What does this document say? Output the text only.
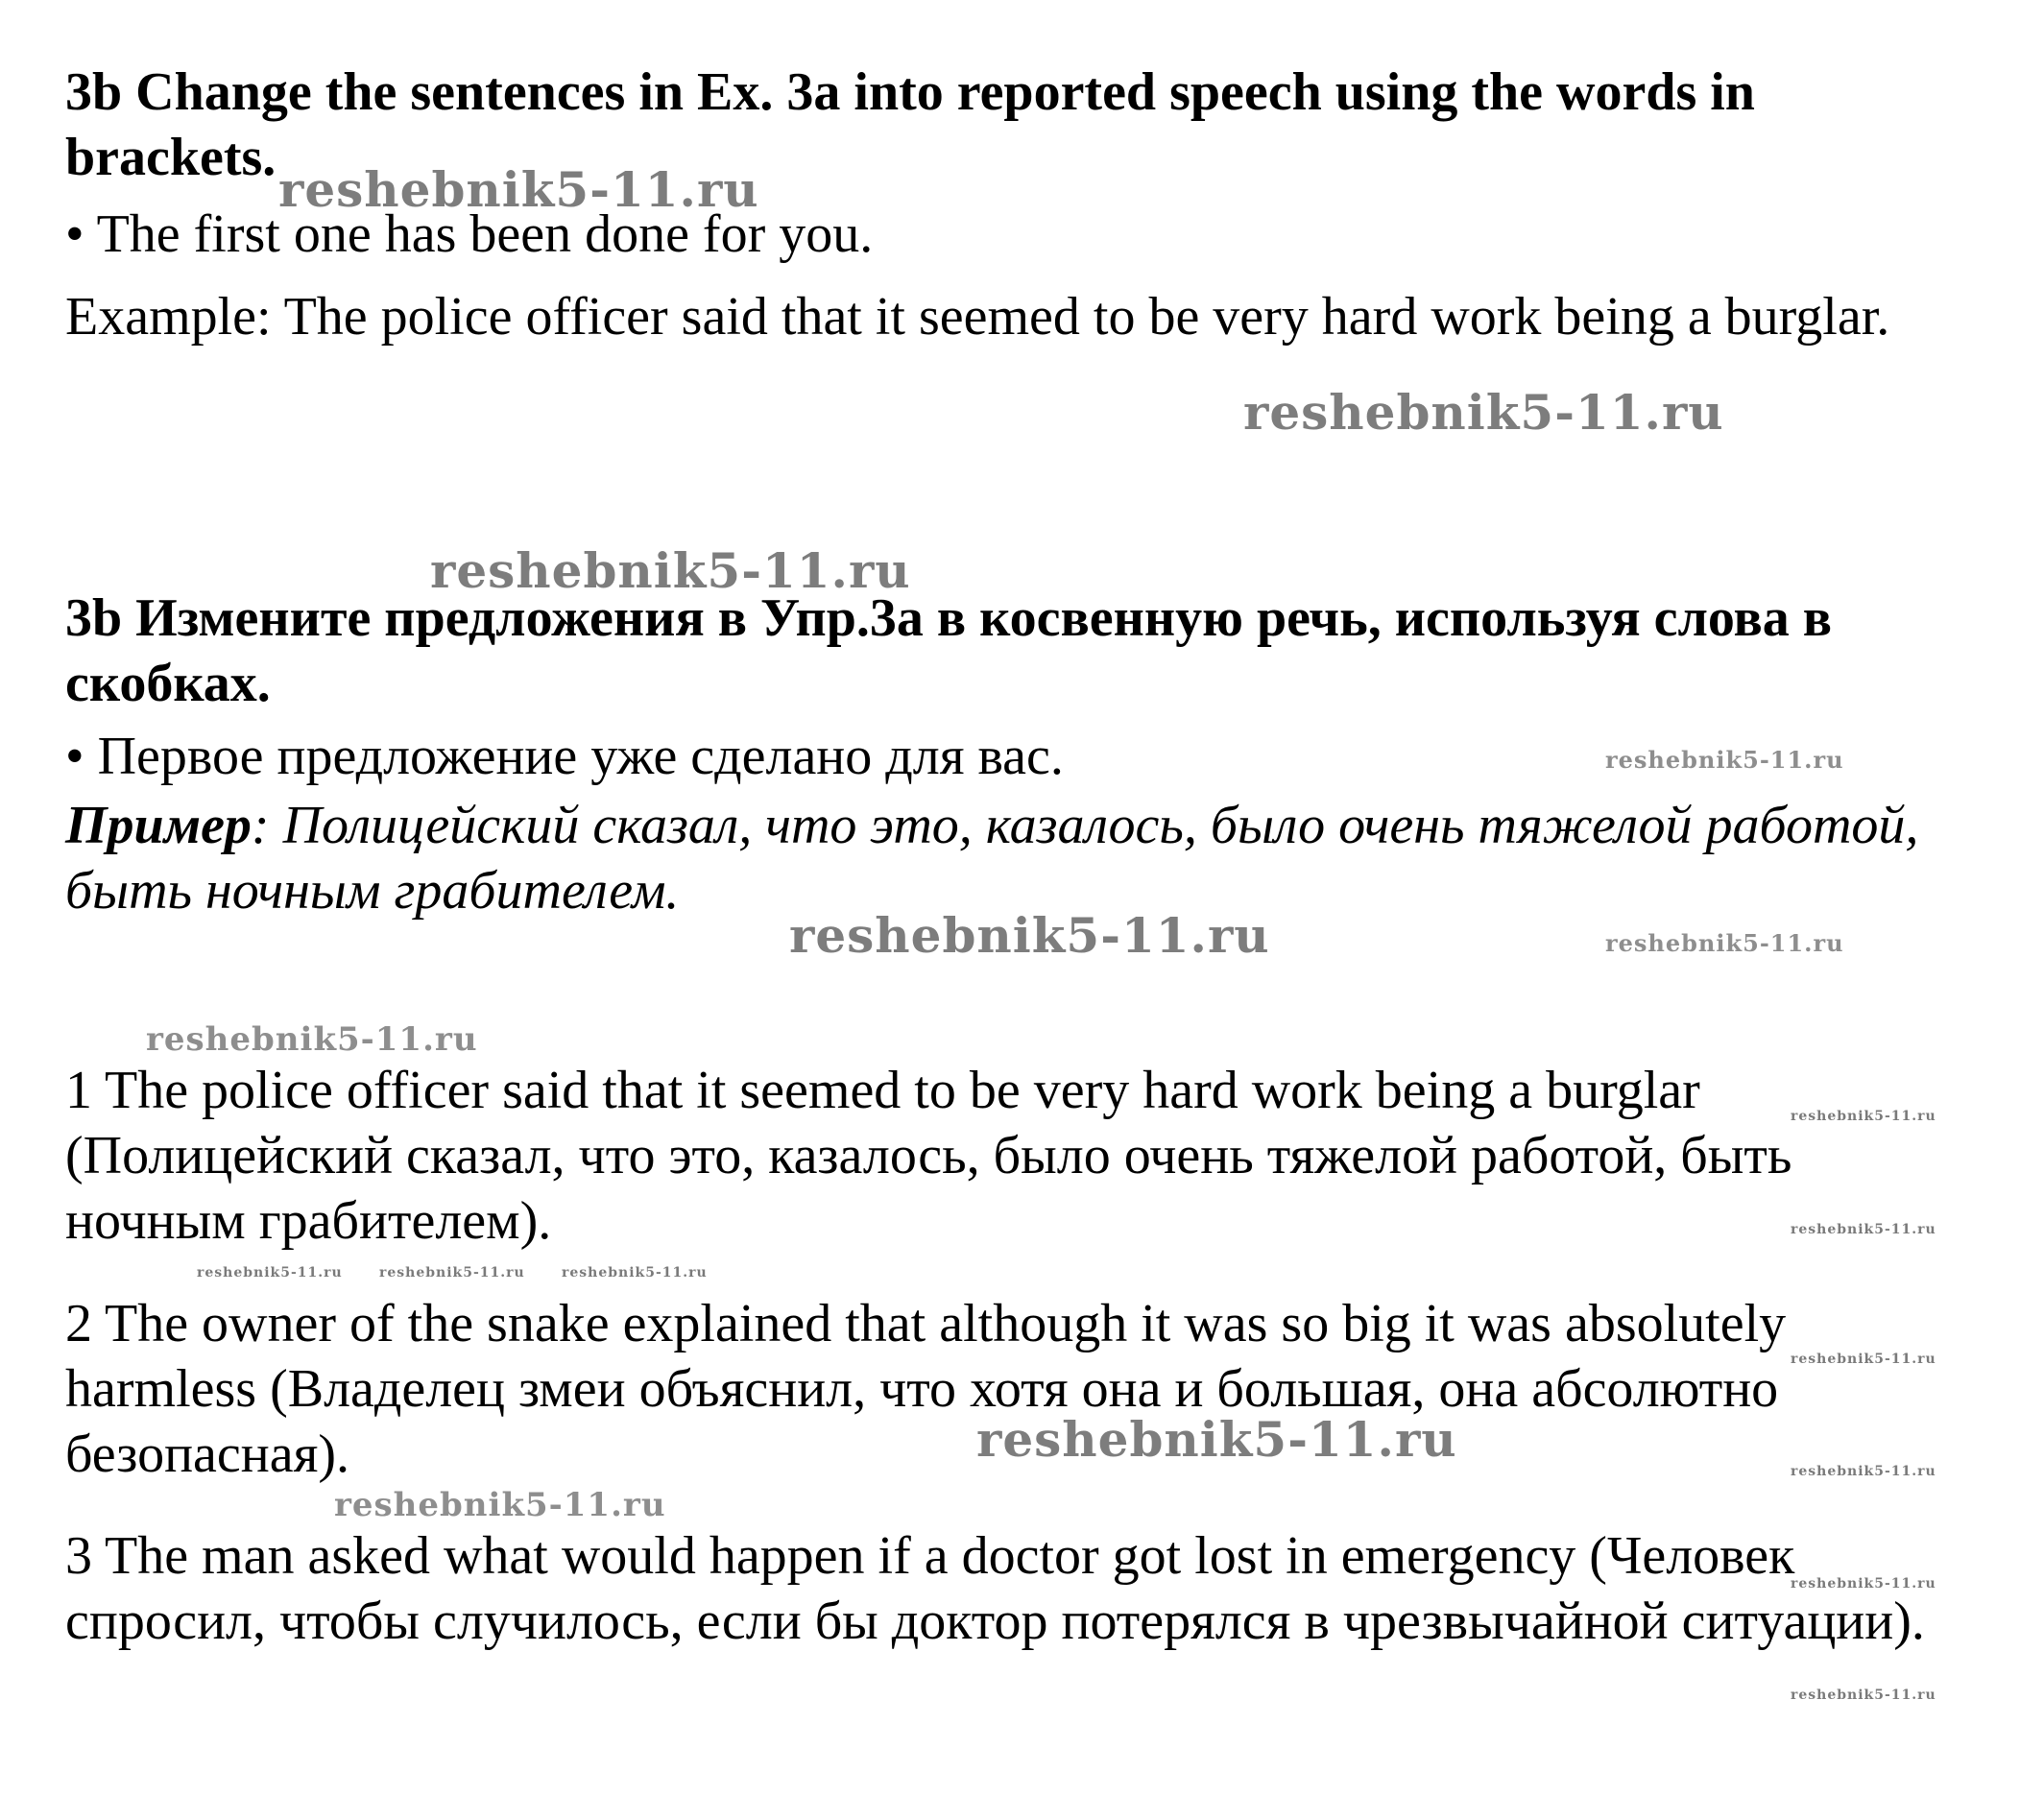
3b Change the sentences in Ex. 3a into reported speech using the words in brackets.

• The first one has been done for you.

Example: The police officer said that it seemed to be very hard work being a burglar.

3b Измените предложения в Упр.3а в косвенную речь, используя слова в скобках.

• Первое предложение уже сделано для вас.

Пример: Полицейский сказал, что это, казалось, было очень тяжелой работой, быть ночным грабителем.

1 The police officer said that it seemed to be very hard work being a burglar (Полицейский сказал, что это, казалось, было очень тяжелой работой, быть ночным грабителем).

2 The owner of the snake explained that although it was so big it was absolutely harmless (Владелец змеи объяснил, что хотя она и большая, она абсолютно безопасная).

3 The man asked what would happen if a doctor got lost in emergency (Человек спросил, чтобы случилось, если бы доктор потерялся в чрезвычайной ситуации).

reshebnik5-11.ru
reshebnik5-11.ru
reshebnik5-11.ru
reshebnik5-11.ru
reshebnik5-11.ru	reshebnik5-11.ru
reshebnik5-11.ru
reshebnik5-11.ru
reshebnik5-11.ru
reshebnik5-11.ru	reshebnik5-11.ru	reshebnik5-11.ru
reshebnik5-11.ru
reshebnik5-11.ru
reshebnik5-11.ru
reshebnik5-11.ru
reshebnik5-11.ru
reshebnik5-11.ru
